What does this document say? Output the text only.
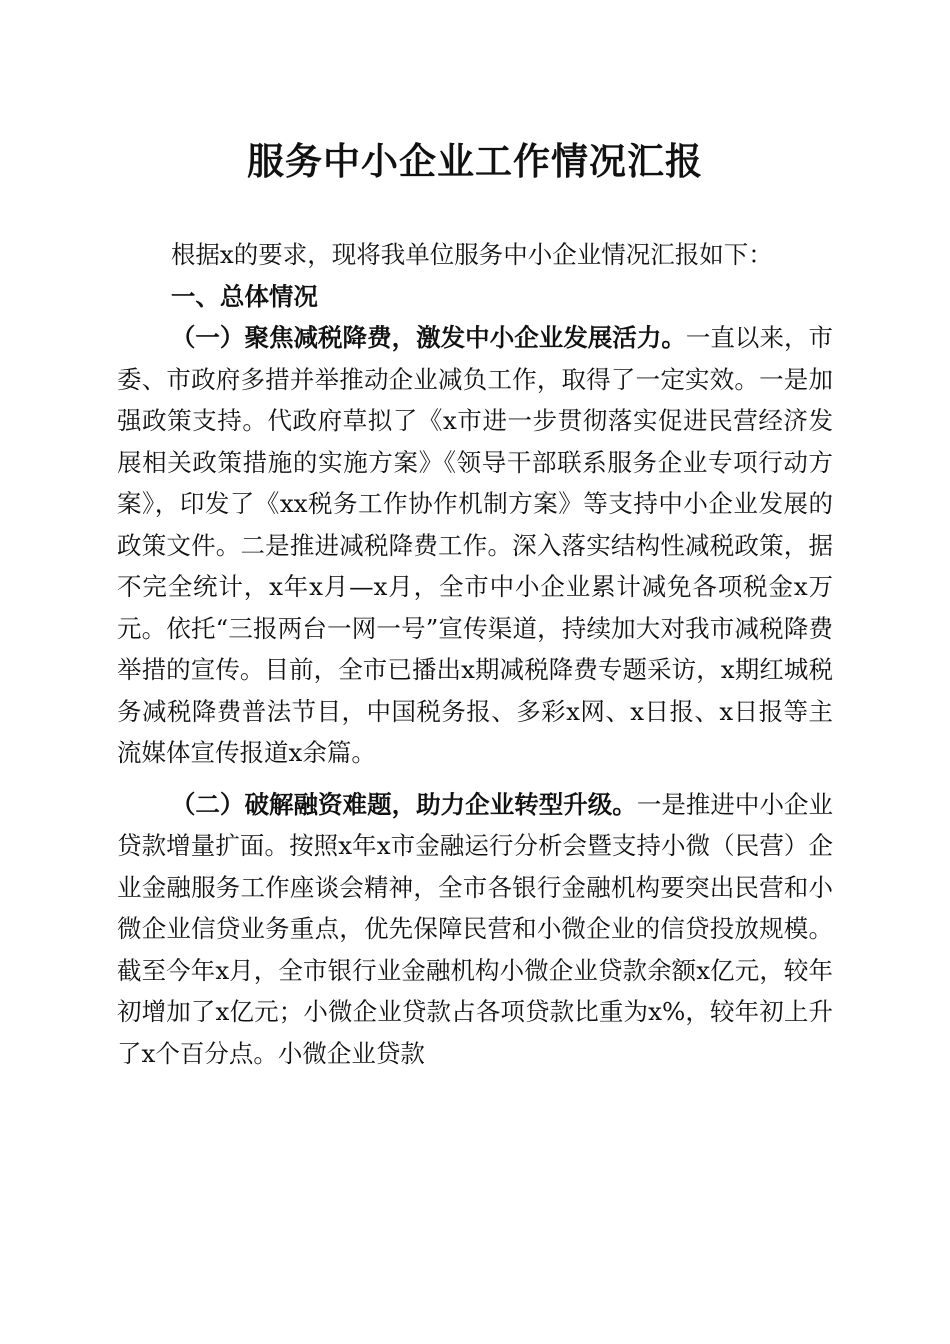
服务中小企业工作情况汇报

根据x的要求，现将我单位服务中小企业情况汇报如下：

一、总体情况

（一）聚焦减税降费，激发中小企业发展活力。一直以来，市委、市政府多措并举推动企业减负工作，取得了一定实效。一是加强政策支持。代政府草拟了《x市进一步贯彻落实促进民营经济发展相关政策措施的实施方案》《领导干部联系服务企业专项行动方案》，印发了《xx税务工作协作机制方案》等支持中小企业发展的政策文件。二是推进减税降费工作。深入落实结构性减税政策，据不完全统计，x年x月—x月，全市中小企业累计减免各项税金x万元。依托“三报两台一网一号”宣传渠道，持续加大对我市减税降费举措的宣传。目前，全市已播出x期减税降费专题采访，x期红城税务减税降费普法节目，中国税务报、多彩x网、x日报、x日报等主流媒体宣传报道x余篇。

（二）破解融资难题，助力企业转型升级。一是推进中小企业贷款增量扩面。按照x年x市金融运行分析会暨支持小微（民营）企业金融服务工作座谈会精神，全市各银行金融机构要突出民营和小微企业信贷业务重点，优先保障民营和小微企业的信贷投放规模。截至今年x月，全市银行业金融机构小微企业贷款余额x亿元，较年初增加了x亿元；小微企业贷款占各项贷款比重为x%，较年初上升了x个百分点。小微企业贷款
